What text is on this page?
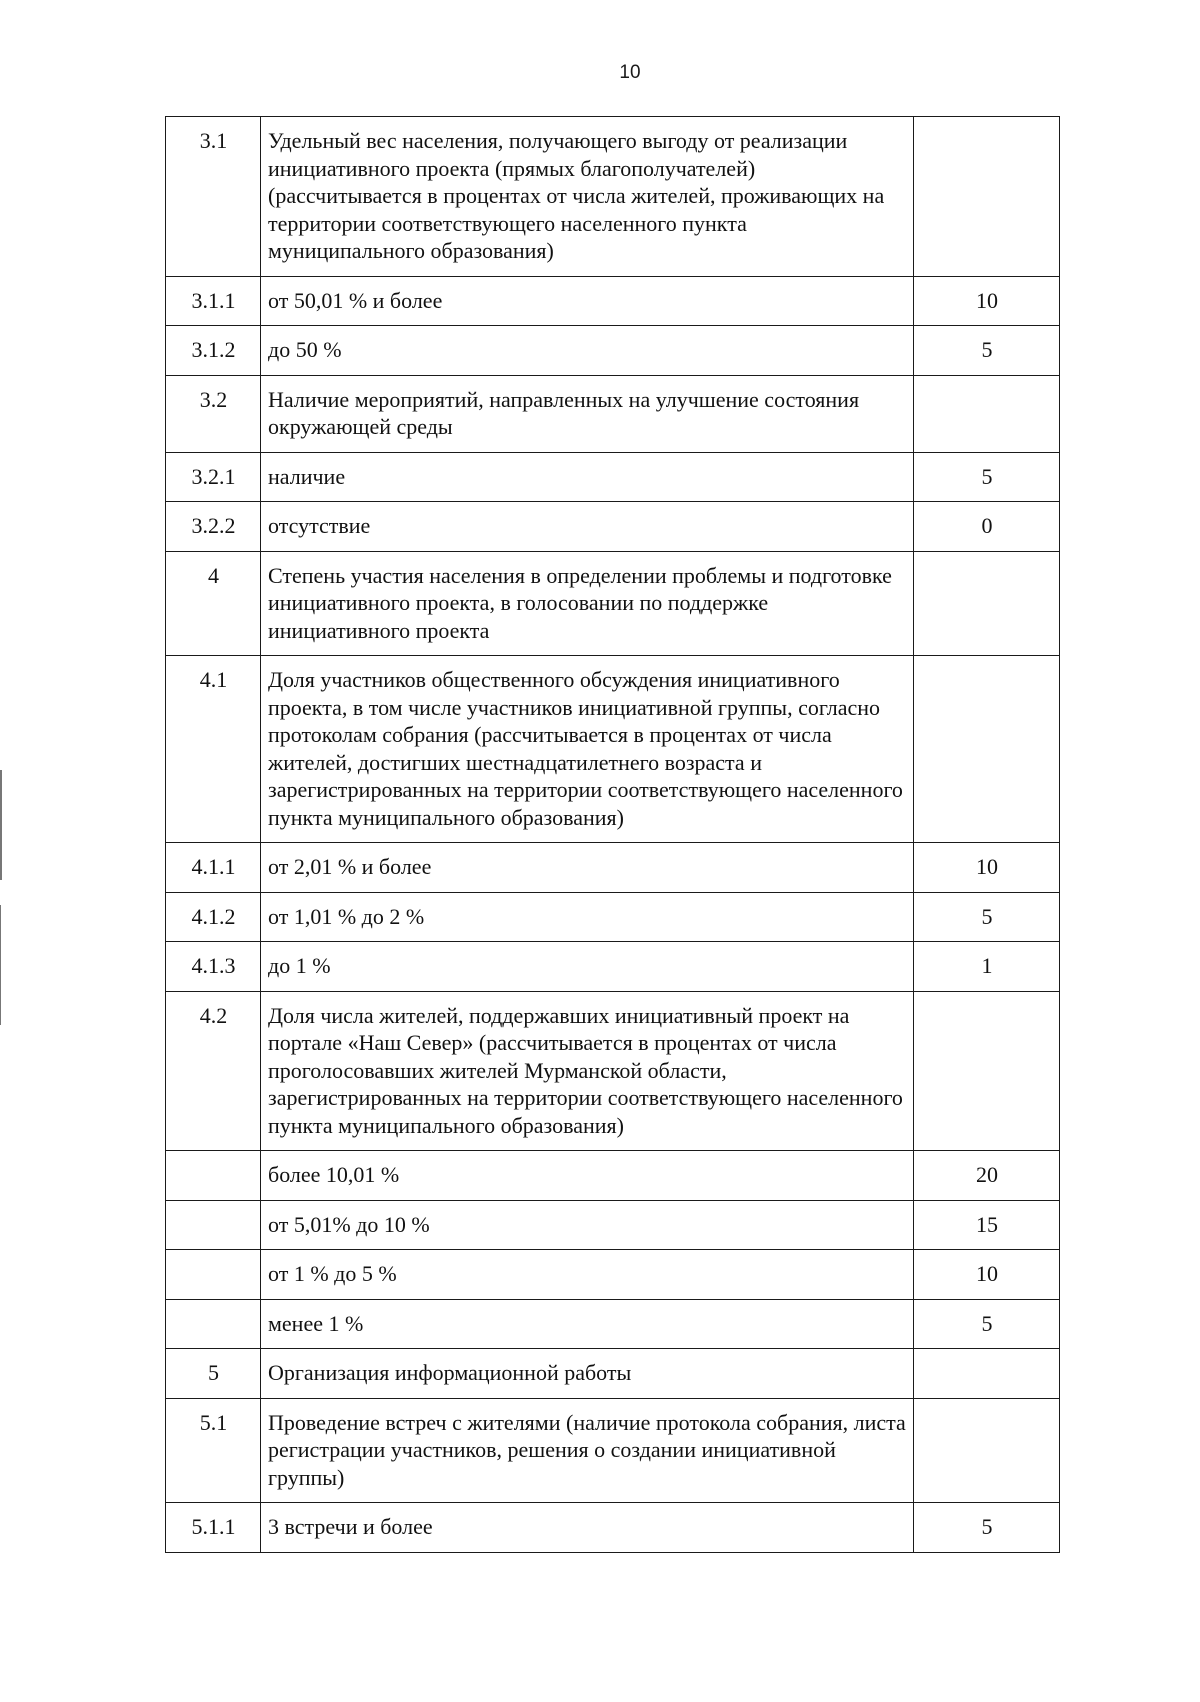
10
3.1	Удельный вес населения, получающего выгоду от реализации инициативного проекта (прямых благополучателей) (рассчитывается в процентах от числа жителей, проживающих на территории соответствующего населенного пункта муниципального образования)	
3.1.1	от 50,01 % и более	10
3.1.2	до 50 %	5
3.2	Наличие мероприятий, направленных на улучшение состояния окружающей среды	
3.2.1	наличие	5
3.2.2	отсутствие	0
4	Степень участия населения в определении проблемы и подготовке инициативного проекта, в голосовании по поддержке инициативного проекта	
4.1	Доля участников общественного обсуждения инициативного проекта, в том числе участников инициативной группы, согласно протоколам собрания (рассчитывается в процентах от числа жителей, достигших шестнадцатилетнего возраста и зарегистрированных на территории соответствующего населенного пункта муниципального образования)	
4.1.1	от 2,01 % и более	10
4.1.2	от 1,01 % до 2 %	5
4.1.3	до 1 %	1
4.2	Доля числа жителей, поддержавших инициативный проект на портале «Наш Север» (рассчитывается в процентах от числа проголосовавших жителей Мурманской области, зарегистрированных на территории соответствующего населенного пункта муниципального образования)	
	более 10,01 %	20
	от 5,01% до 10 %	15
	от 1 % до 5 %	10
	менее 1 %	5
5	Организация информационной работы	
5.1	Проведение встреч с жителями (наличие протокола собрания, листа регистрации участников, решения о создании инициативной группы)	
5.1.1	3 встречи и более	5
